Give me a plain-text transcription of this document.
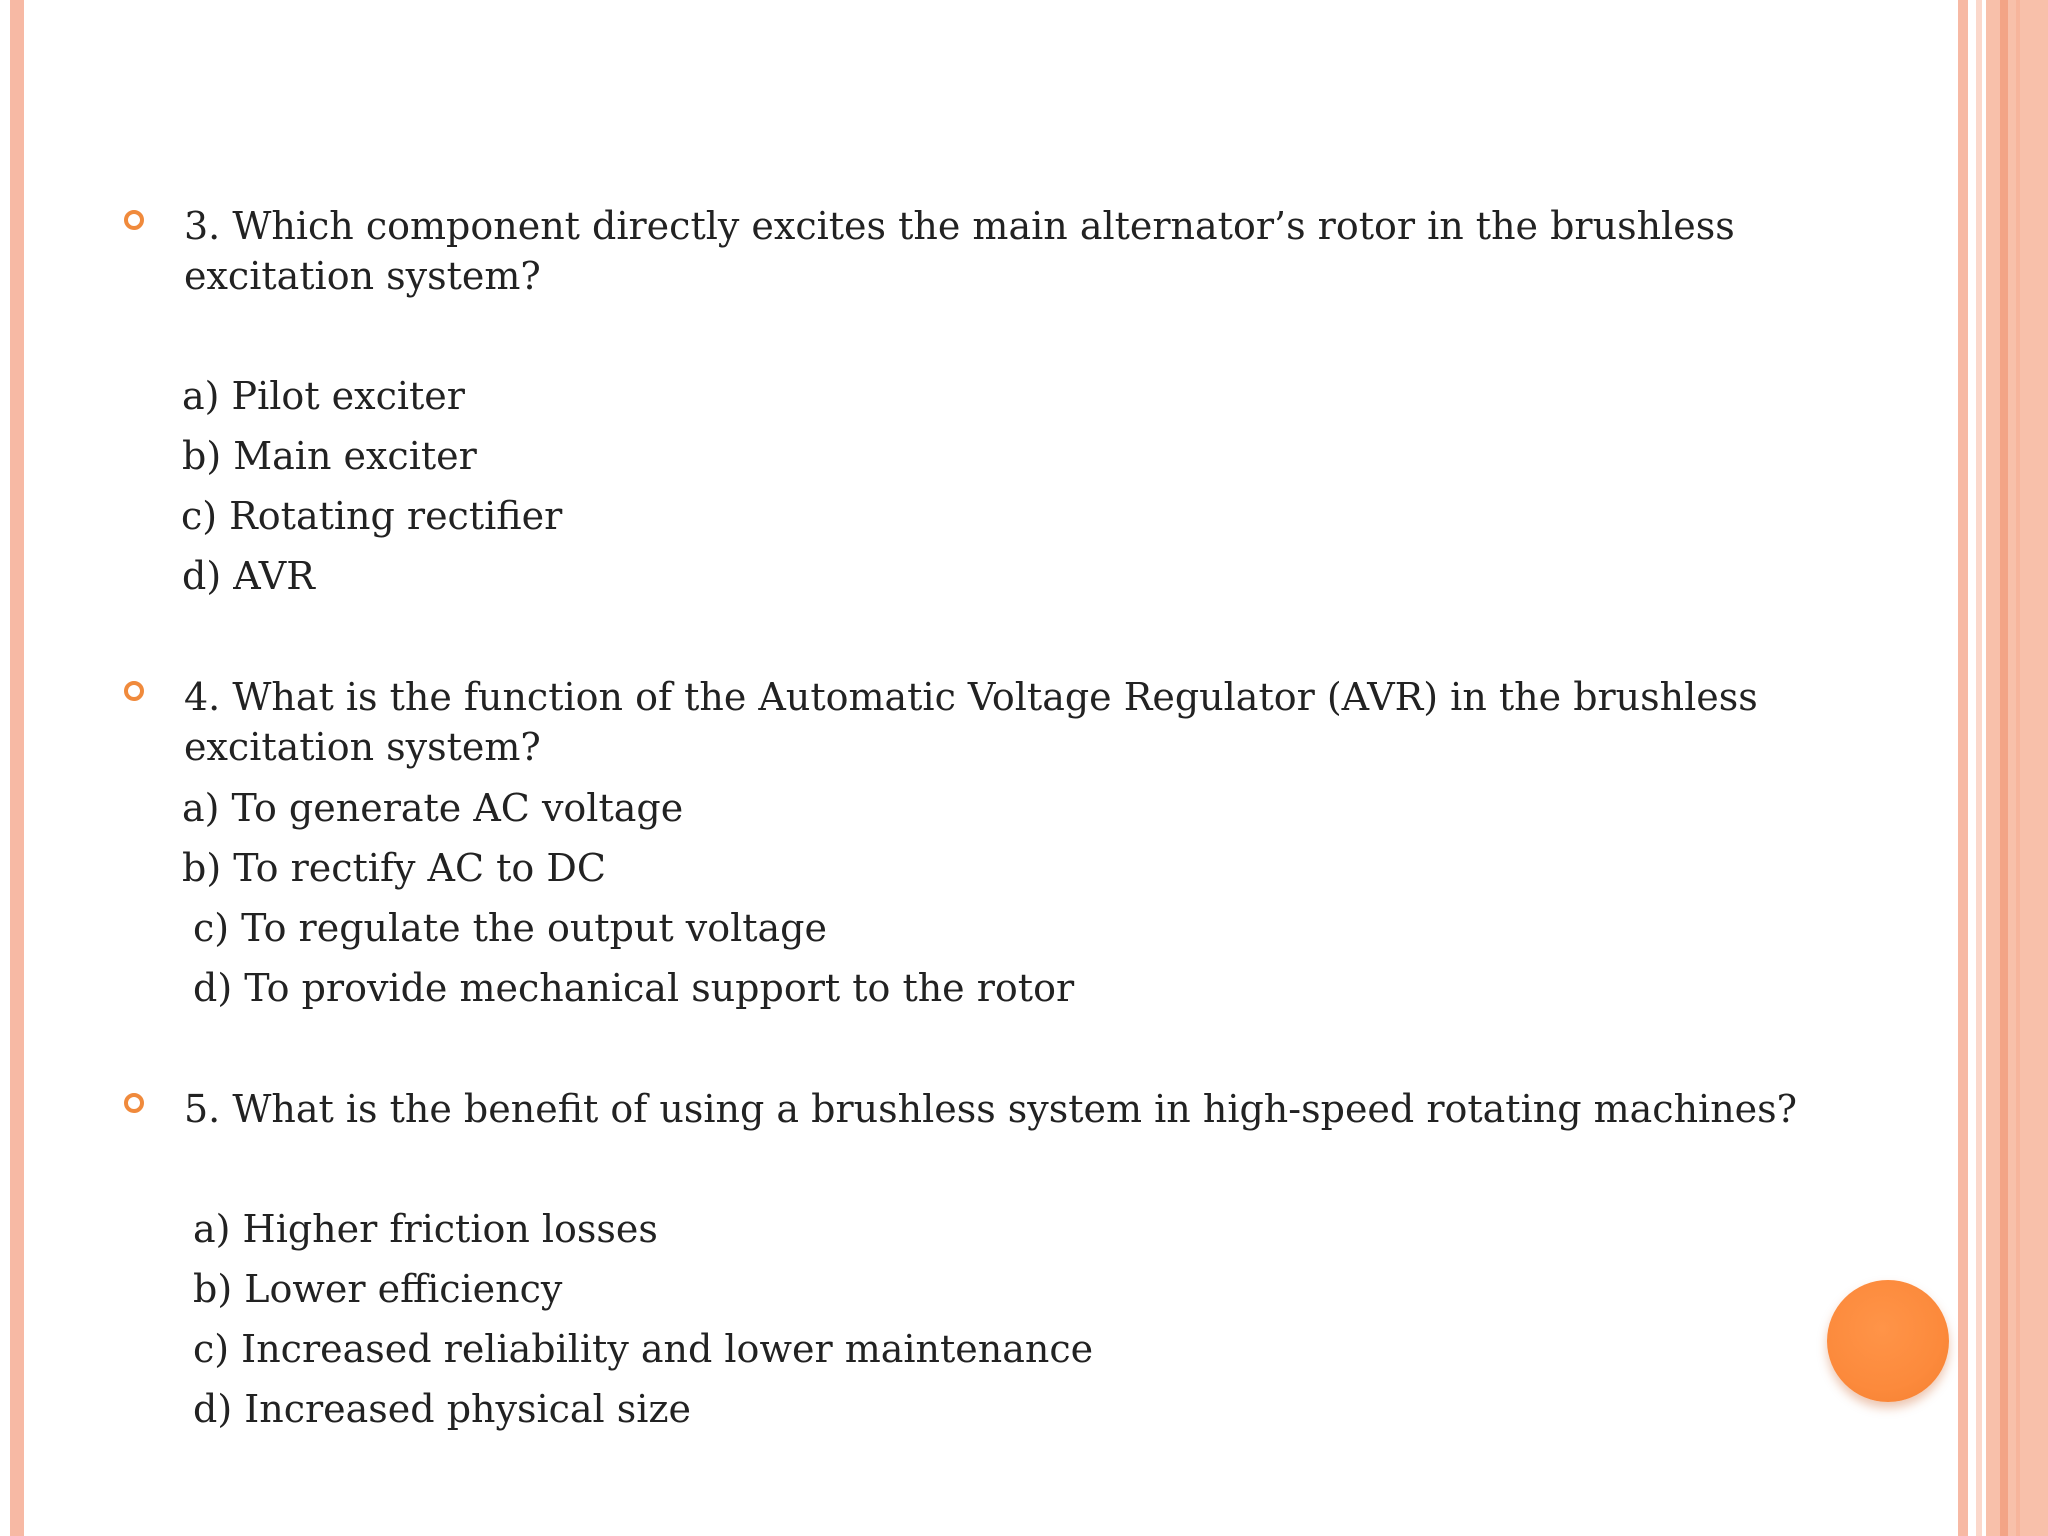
3. Which component directly excites the main alternator’s rotor in the brushless excitation system?

a) Pilot exciter

b) Main exciter

c) Rotating rectifier

d) AVR

4. What is the function of the Automatic Voltage Regulator (AVR) in the brushless excitation system?

a) To generate AC voltage

b) To rectify AC to DC

c) To regulate the output voltage

d) To provide mechanical support to the rotor

5. What is the benefit of using a brushless system in high-speed rotating machines?

a) Higher friction losses

b) Lower efficiency

c) Increased reliability and lower maintenance

d) Increased physical size
